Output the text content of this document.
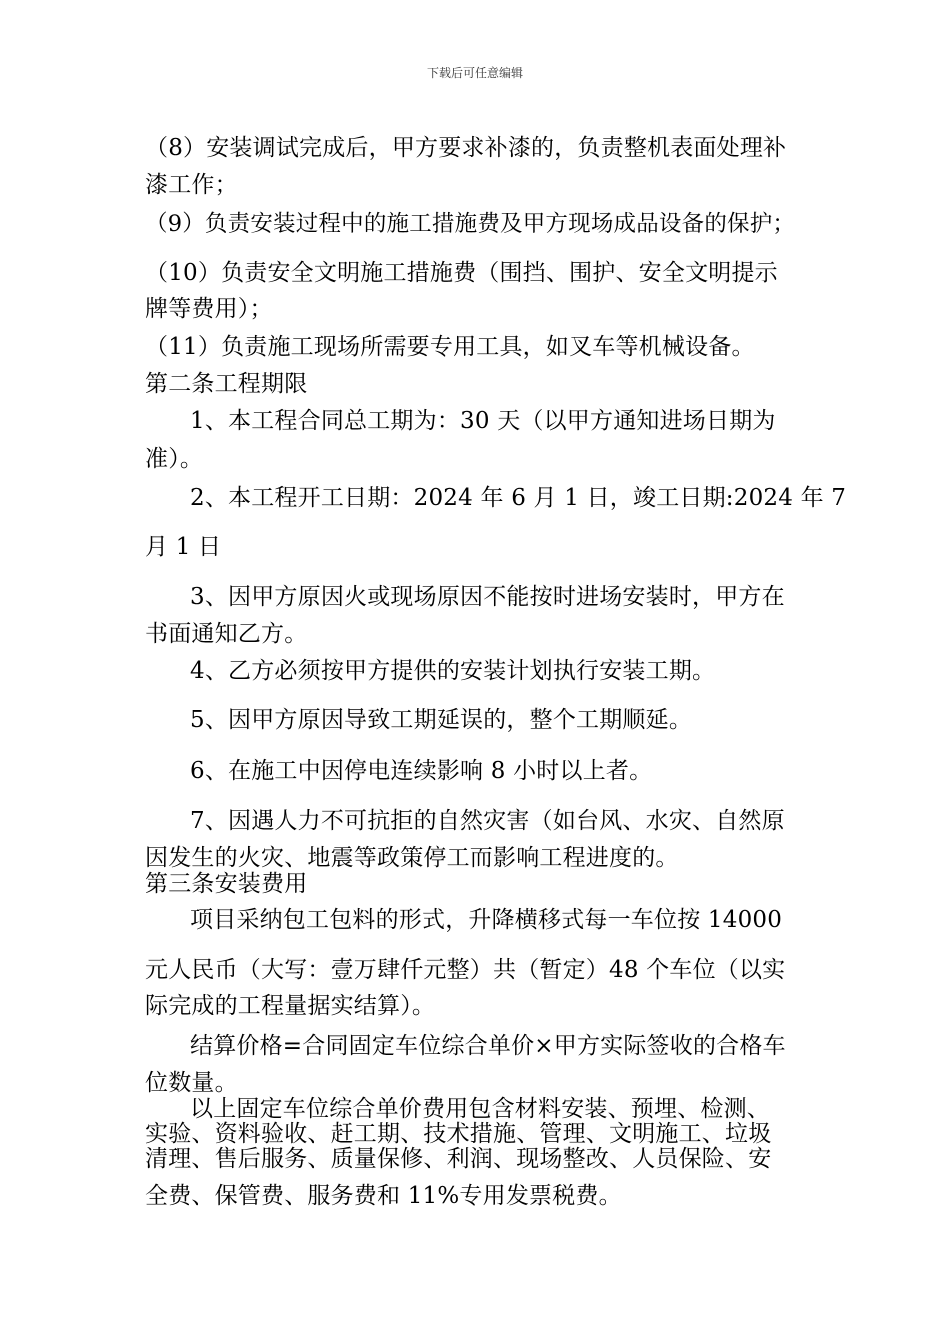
下载后可任意编辑
（8）安装调试完成后，甲方要求补漆的，负责整机表面处理补
漆工作；
（9）负责安装过程中的施工措施费及甲方现场成品设备的保护；
（10）负责安全文明施工措施费（围挡、围护、安全文明提示
牌等费用）；
（11）负责施工现场所需要专用工具，如叉车等机械设备。
第二条工程期限
1、本工程合同总工期为：30 天（以甲方通知进场日期为
准）。
2、本工程开工日期：2024 年 6 月 1 日，竣工日期:2024 年 7
月 1 日
3、因甲方原因火或现场原因不能按时进场安装时，甲方在
书面通知乙方。
4、乙方必须按甲方提供的安装计划执行安装工期。
5、因甲方原因导致工期延误的，整个工期顺延。
6、在施工中因停电连续影响 8 小时以上者。
7、因遇人力不可抗拒的自然灾害（如台风、水灾、自然原
因发生的火灾、地震等政策停工而影响工程进度的。
第三条安装费用
项目采纳包工包料的形式，升降横移式每一车位按 14000
元人民币（大写：壹万肆仟元整）共（暂定）48 个车位（以实
际完成的工程量据实结算）。
结算价格=合同固定车位综合单价×甲方实际签收的合格车
位数量。
以上固定车位综合单价费用包含材料安装、预埋、检测、
实验、资料验收、赶工期、技术措施、管理、文明施工、垃圾
清理、售后服务、质量保修、利润、现场整改、人员保险、安
全费、保管费、服务费和 11%专用发票税费。
